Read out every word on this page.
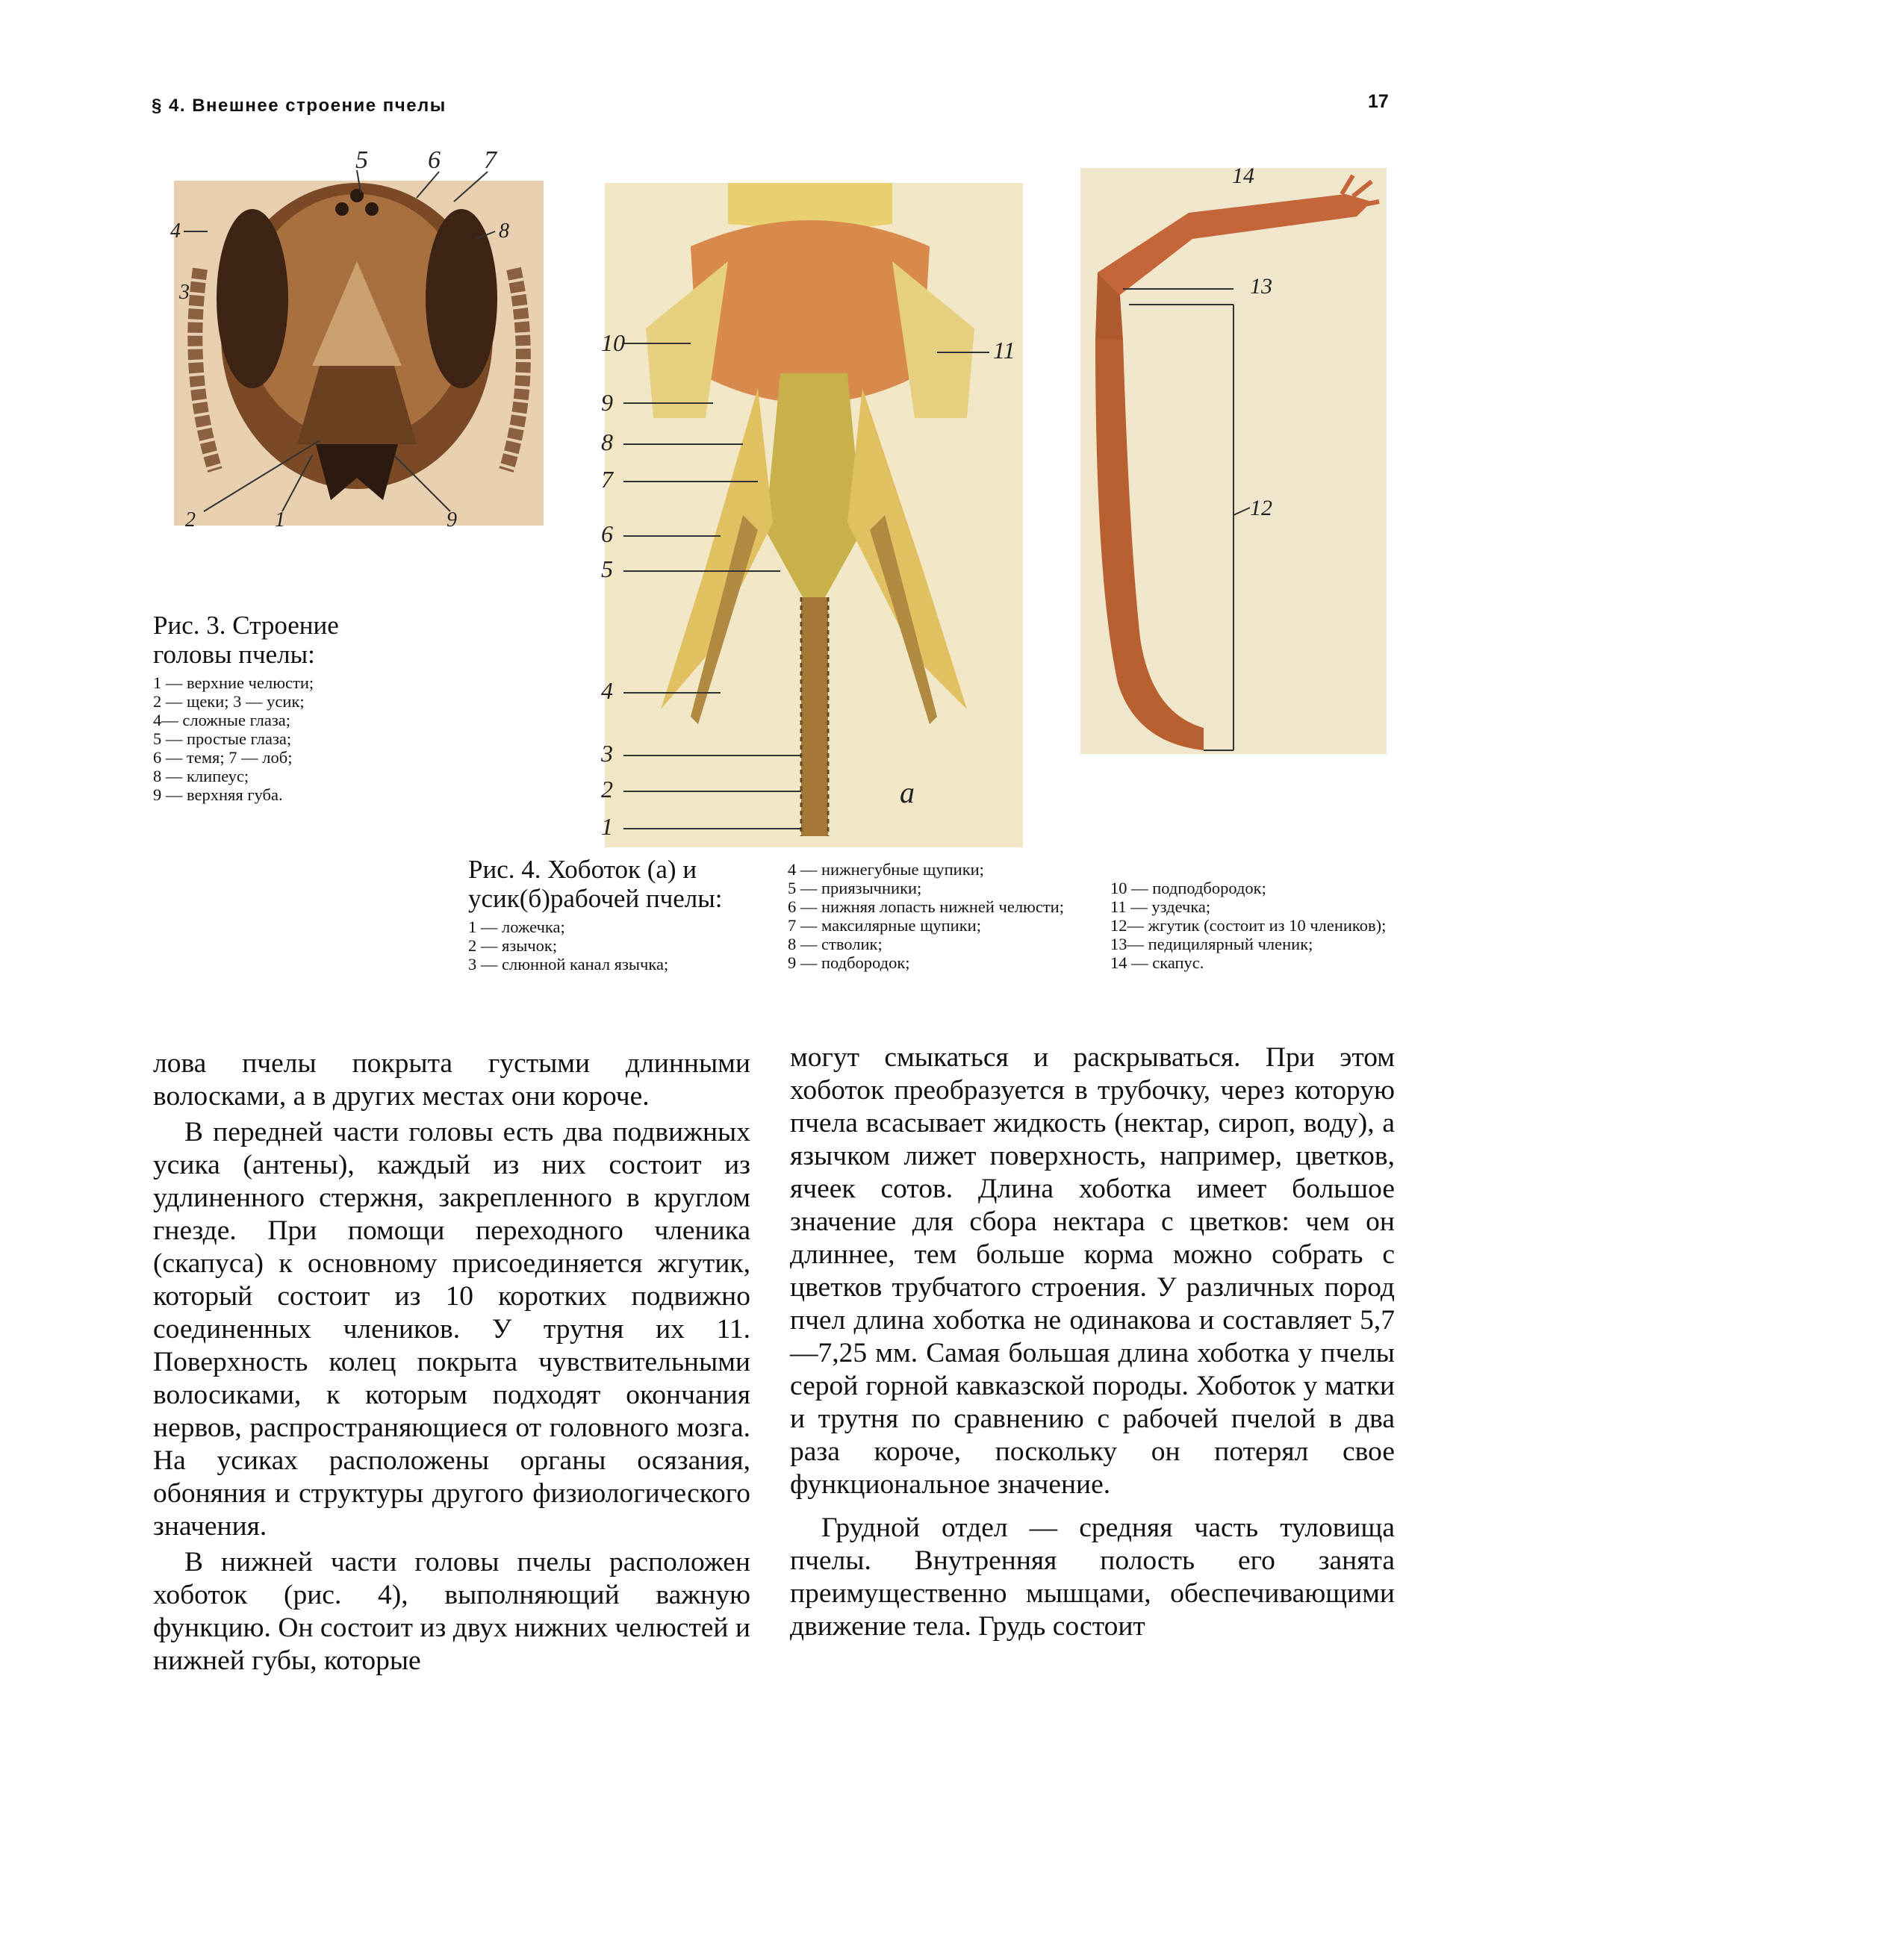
§ 4. Внешнее строение пчелы	17
5 6 7
4	8
3
2	1	9
Рис. 3. Строение головы пчелы:
1 — верхние челюсти;
2 — щеки; 3 — усик;
4— сложные глаза;
5 — простые глаза;
6 — темя; 7 — лоб;
8 — клипеус;
9 — верхняя губа.
10
9
8
7
6
5
4
3
2
1
11
а
14
13
12
Рис. 4. Хоботок (а) и усик(б)рабочей пчелы:
1 — ложечка;
2 — язычок;
3 — слюнной канал язычка;
4 — нижнегубные щупики;
5 — приязычники;
6 — нижняя лопасть нижней челюсти;
7 — максилярные щупики;
8 — стволик;
9 — подбородок;
10 — подподбородок;
11 — уздечка;
12— жгутик (состоит из 10 члеников);
13— педицилярный членик;
14 — скапус.

лова пчелы покрыта густыми длинными волосками, а в других местах они короче.

В передней части головы есть два подвижных усика (антены), каждый из них состоит из удлиненного стержня, закрепленного в круглом гнезде. При помощи переходного членика (скапуса) к основному присоединяется жгутик, который состоит из 10 коротких подвижно соединенных члеников. У трутня их 11. Поверхность колец покрыта чувствительными волосиками, к которым подходят окончания нервов, распространяющиеся от головного мозга. На усиках расположены органы осязания, обоняния и структуры другого физиологического значения.

В нижней части головы пчелы расположен хоботок (рис. 4), выполняющий важную функцию. Он состоит из двух нижних челюстей и нижней губы, которые

могут смыкаться и раскрываться. При этом хоботок преобразуется в трубочку, через которую пчела всасывает жидкость (нектар, сироп, воду), а язычком лижет поверхность, например, цветков, ячеек сотов. Длина хоботка имеет большое значение для сбора нектара с цветков: чем он длиннее, тем больше корма можно собрать с цветков трубчатого строения. У различных пород пчел длина хоботка не одинакова и составляет 5,7—7,25 мм. Самая большая длина хоботка у пчелы серой горной кавказской породы. Хоботок у матки и трутня по сравнению с рабочей пчелой в два раза короче, поскольку он потерял свое функциональное значение.

Грудной отдел — средняя часть туловища пчелы. Внутренняя полость его занята преимущественно мышцами, обеспечивающими движение тела. Грудь состоит
